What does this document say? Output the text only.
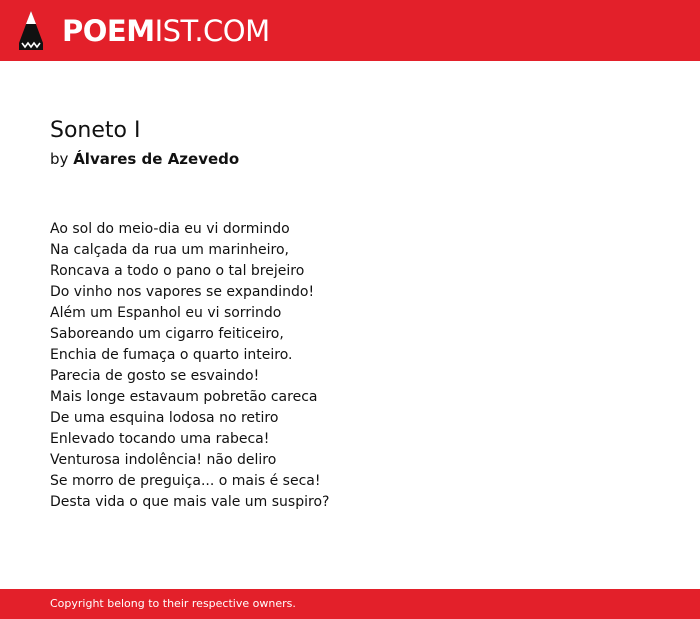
POEMIST.COM
Soneto I
by Álvares de Azevedo
Ao sol do meio-dia eu vi dormindo
Na calçada da rua um marinheiro,
Roncava a todo o pano o tal brejeiro
Do vinho nos vapores se expandindo!
Além um Espanhol eu vi sorrindo
Saboreando um cigarro feiticeiro,
Enchia de fumaça o quarto inteiro.
Parecia de gosto se esvaindo!
Mais longe estavaum pobretão careca
De uma esquina lodosa no retiro
Enlevado tocando uma rabeca!
Venturosa indolência! não deliro
Se morro de preguiça... o mais é seca!
Desta vida o que mais vale um suspiro?
Copyright belong to their respective owners.
